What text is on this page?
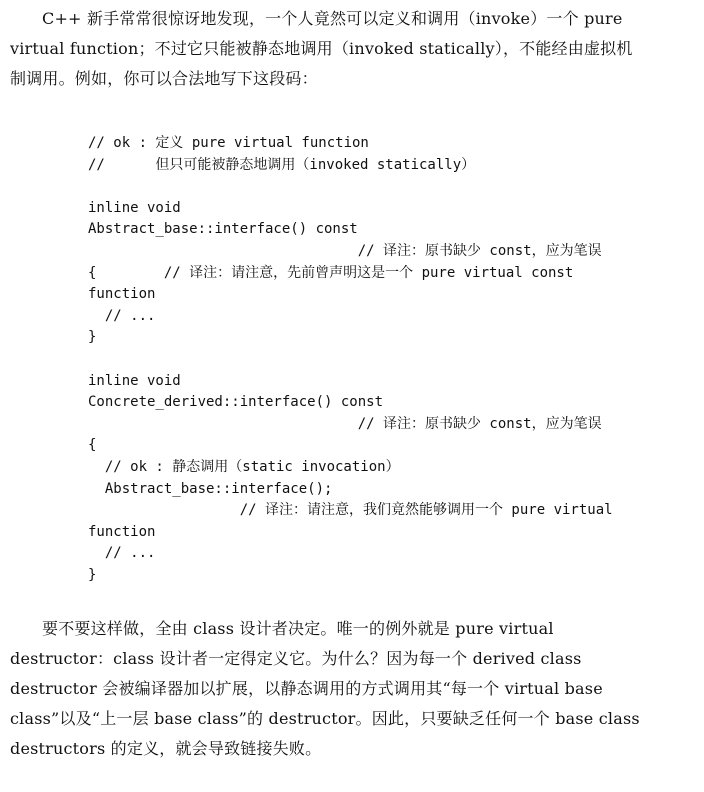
C++ 新手常常很惊讶地发现，一个人竟然可以定义和调用（invoke）一个 pure
virtual function；不过它只能被静态地调用（invoked statically），不能经由虚拟机
制调用。例如，你可以合法地写下这段码：

// ok : 定义 pure virtual function
//      但只可能被静态地调用（invoked statically）
inline void
Abstract_base::interface() const
// 译注：原书缺少 const，应为笔误
{        // 译注：请注意，先前曾声明这是一个 pure virtual const
function
// ...
}
inline void
Concrete_derived::interface() const
// 译注：原书缺少 const，应为笔误
{
// ok : 静态调用（static invocation）
Abstract_base::interface();
// 译注：请注意，我们竟然能够调用一个 pure virtual
function
// ...
}

要不要这样做，全由 class 设计者决定。唯一的例外就是 pure virtual
destructor：class 设计者一定得定义它。为什么？因为每一个 derived class
destructor 会被编译器加以扩展，以静态调用的方式调用其“每一个 virtual base
class”以及“上一层 base class”的 destructor。因此，只要缺乏任何一个 base class
destructors 的定义，就会导致链接失败。
